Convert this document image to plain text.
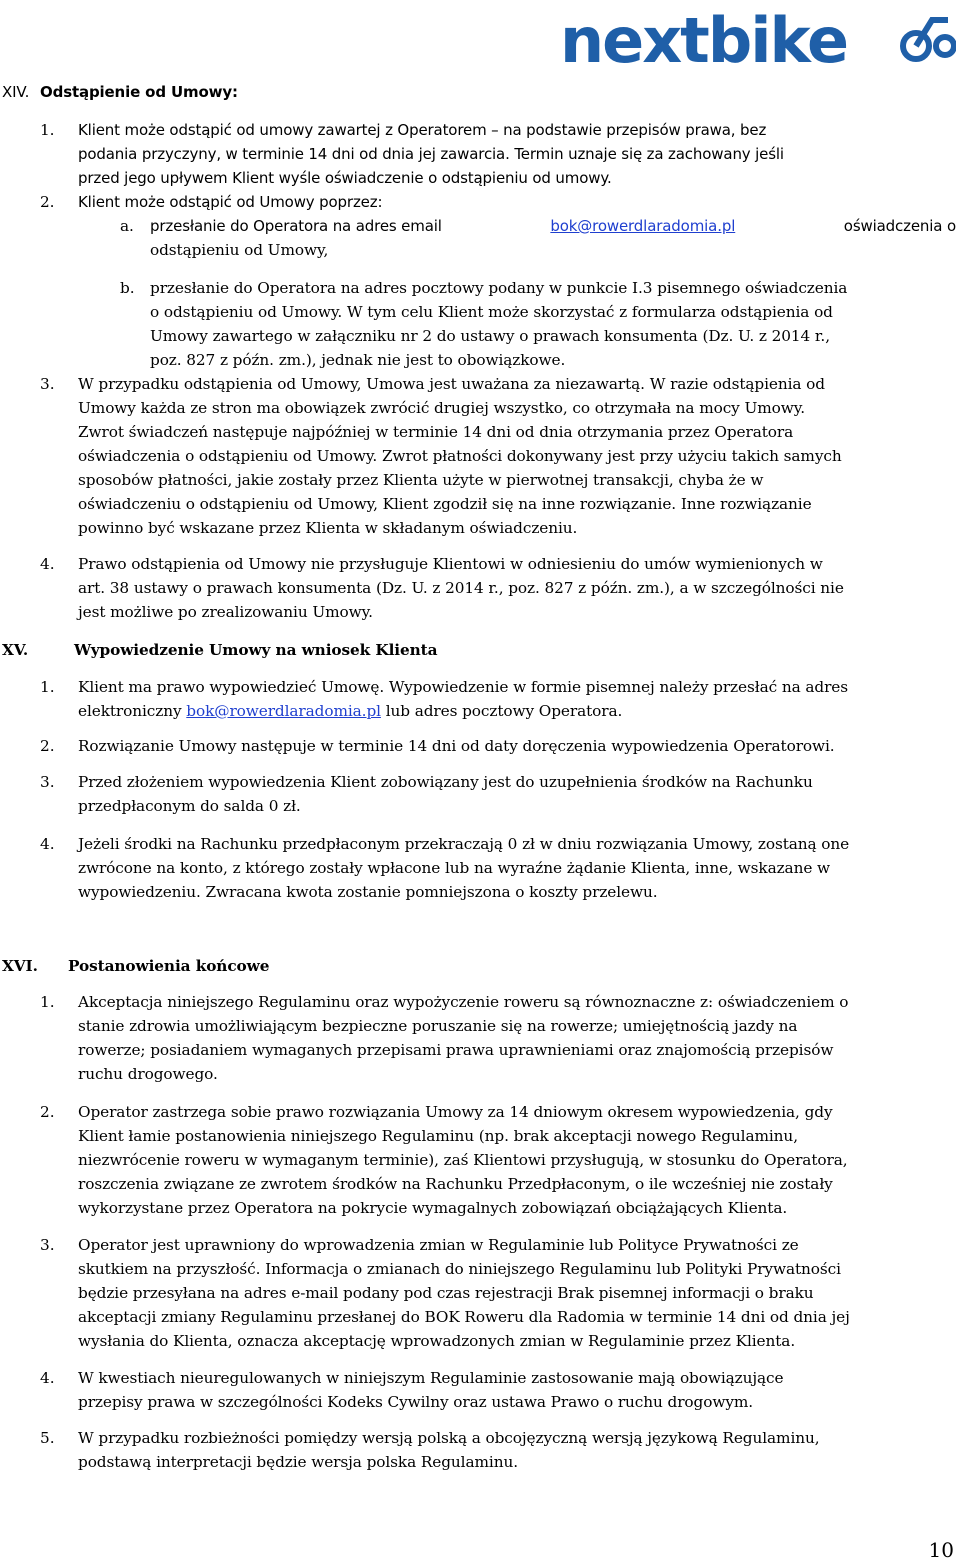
nextbike
XIV. Odstąpienie od Umowy:
1. Klient może odstąpić od umowy zawartej z Operatorem – na podstawie przepisów prawa, bez
podania przyczyny, w terminie 14 dni od dnia jej zawarcia. Termin uznaje się za zachowany jeśli
przed jego upływem Klient wyśle oświadczenie o odstąpieniu od umowy.
2. Klient może odstąpić od Umowy poprzez:
a. przesłanie do Operatora na adres email	bok@rowerdlaradomia.pl	oświadczenia o
odstąpieniu od Umowy,
b. przesłanie do Operatora na adres pocztowy podany w punkcie I.3 pisemnego oświadczenia
o odstąpieniu od Umowy. W tym celu Klient może skorzystać z formularza odstąpienia od
Umowy zawartego w załączniku nr 2 do ustawy o prawach konsumenta (Dz. U. z 2014 r.,
poz. 827 z późn. zm.), jednak nie jest to obowiązkowe.
3. W przypadku odstąpienia od Umowy, Umowa jest uważana za niezawartą. W razie odstąpienia od
Umowy każda ze stron ma obowiązek zwrócić drugiej wszystko, co otrzymała na mocy Umowy.
Zwrot świadczeń następuje najpóźniej w terminie 14 dni od dnia otrzymania przez Operatora
oświadczenia o odstąpieniu od Umowy. Zwrot płatności dokonywany jest przy użyciu takich samych
sposobów płatności, jakie zostały przez Klienta użyte w pierwotnej transakcji, chyba że w
oświadczeniu o odstąpieniu od Umowy, Klient zgodził się na inne rozwiązanie. Inne rozwiązanie
powinno być wskazane przez Klienta w składanym oświadczeniu.
4. Prawo odstąpienia od Umowy nie przysługuje Klientowi w odniesieniu do umów wymienionych w
art. 38 ustawy o prawach konsumenta (Dz. U. z 2014 r., poz. 827 z późn. zm.), a w szczególności nie
jest możliwe po zrealizowaniu Umowy.
XV.	Wypowiedzenie Umowy na wniosek Klienta
1. Klient ma prawo wypowiedzieć Umowę. Wypowiedzenie w formie pisemnej należy przesłać na adres
elektroniczny bok@rowerdlaradomia.pl lub adres pocztowy Operatora.
2. Rozwiązanie Umowy następuje w terminie 14 dni od daty doręczenia wypowiedzenia Operatorowi.
3. Przed złożeniem wypowiedzenia Klient zobowiązany jest do uzupełnienia środków na Rachunku
przedpłaconym do salda 0 zł.
4. Jeżeli środki na Rachunku przedpłaconym przekraczają 0 zł w dniu rozwiązania Umowy, zostaną one
zwrócone na konto, z którego zostały wpłacone lub na wyraźne żądanie Klienta, inne, wskazane w
wypowiedzeniu. Zwracana kwota zostanie pomniejszona o koszty przelewu.
XVI. Postanowienia końcowe
1. Akceptacja niniejszego Regulaminu oraz wypożyczenie roweru są równoznaczne z: oświadczeniem o
stanie zdrowia umożliwiającym bezpieczne poruszanie się na rowerze; umiejętnością jazdy na
rowerze; posiadaniem wymaganych przepisami prawa uprawnieniami oraz znajomością przepisów
ruchu drogowego.
2. Operator zastrzega sobie prawo rozwiązania Umowy za 14 dniowym okresem wypowiedzenia, gdy
Klient łamie postanowienia niniejszego Regulaminu (np. brak akceptacji nowego Regulaminu,
niezwrócenie roweru w wymaganym terminie), zaś Klientowi przysługują, w stosunku do Operatora,
roszczenia związane ze zwrotem środków na Rachunku Przedpłaconym, o ile wcześniej nie zostały
wykorzystane przez Operatora na pokrycie wymagalnych zobowiązań obciążających Klienta.
3. Operator jest uprawniony do wprowadzenia zmian w Regulaminie lub Polityce Prywatności ze
skutkiem na przyszłość. Informacja o zmianach do niniejszego Regulaminu lub Polityki Prywatności
będzie przesyłana na adres e-mail podany pod czas rejestracji Brak pisemnej informacji o braku
akceptacji zmiany Regulaminu przesłanej do BOK Roweru dla Radomia w terminie 14 dni od dnia jej
wysłania do Klienta, oznacza akceptację wprowadzonych zmian w Regulaminie przez Klienta.
4. W kwestiach nieuregulowanych w niniejszym Regulaminie zastosowanie mają obowiązujące
przepisy prawa w szczególności Kodeks Cywilny oraz ustawa Prawo o ruchu drogowym.
5. W przypadku rozbieżności pomiędzy wersją polską a obcojęzyczną wersją językową Regulaminu,
podstawą interpretacji będzie wersja polska Regulaminu.
10
